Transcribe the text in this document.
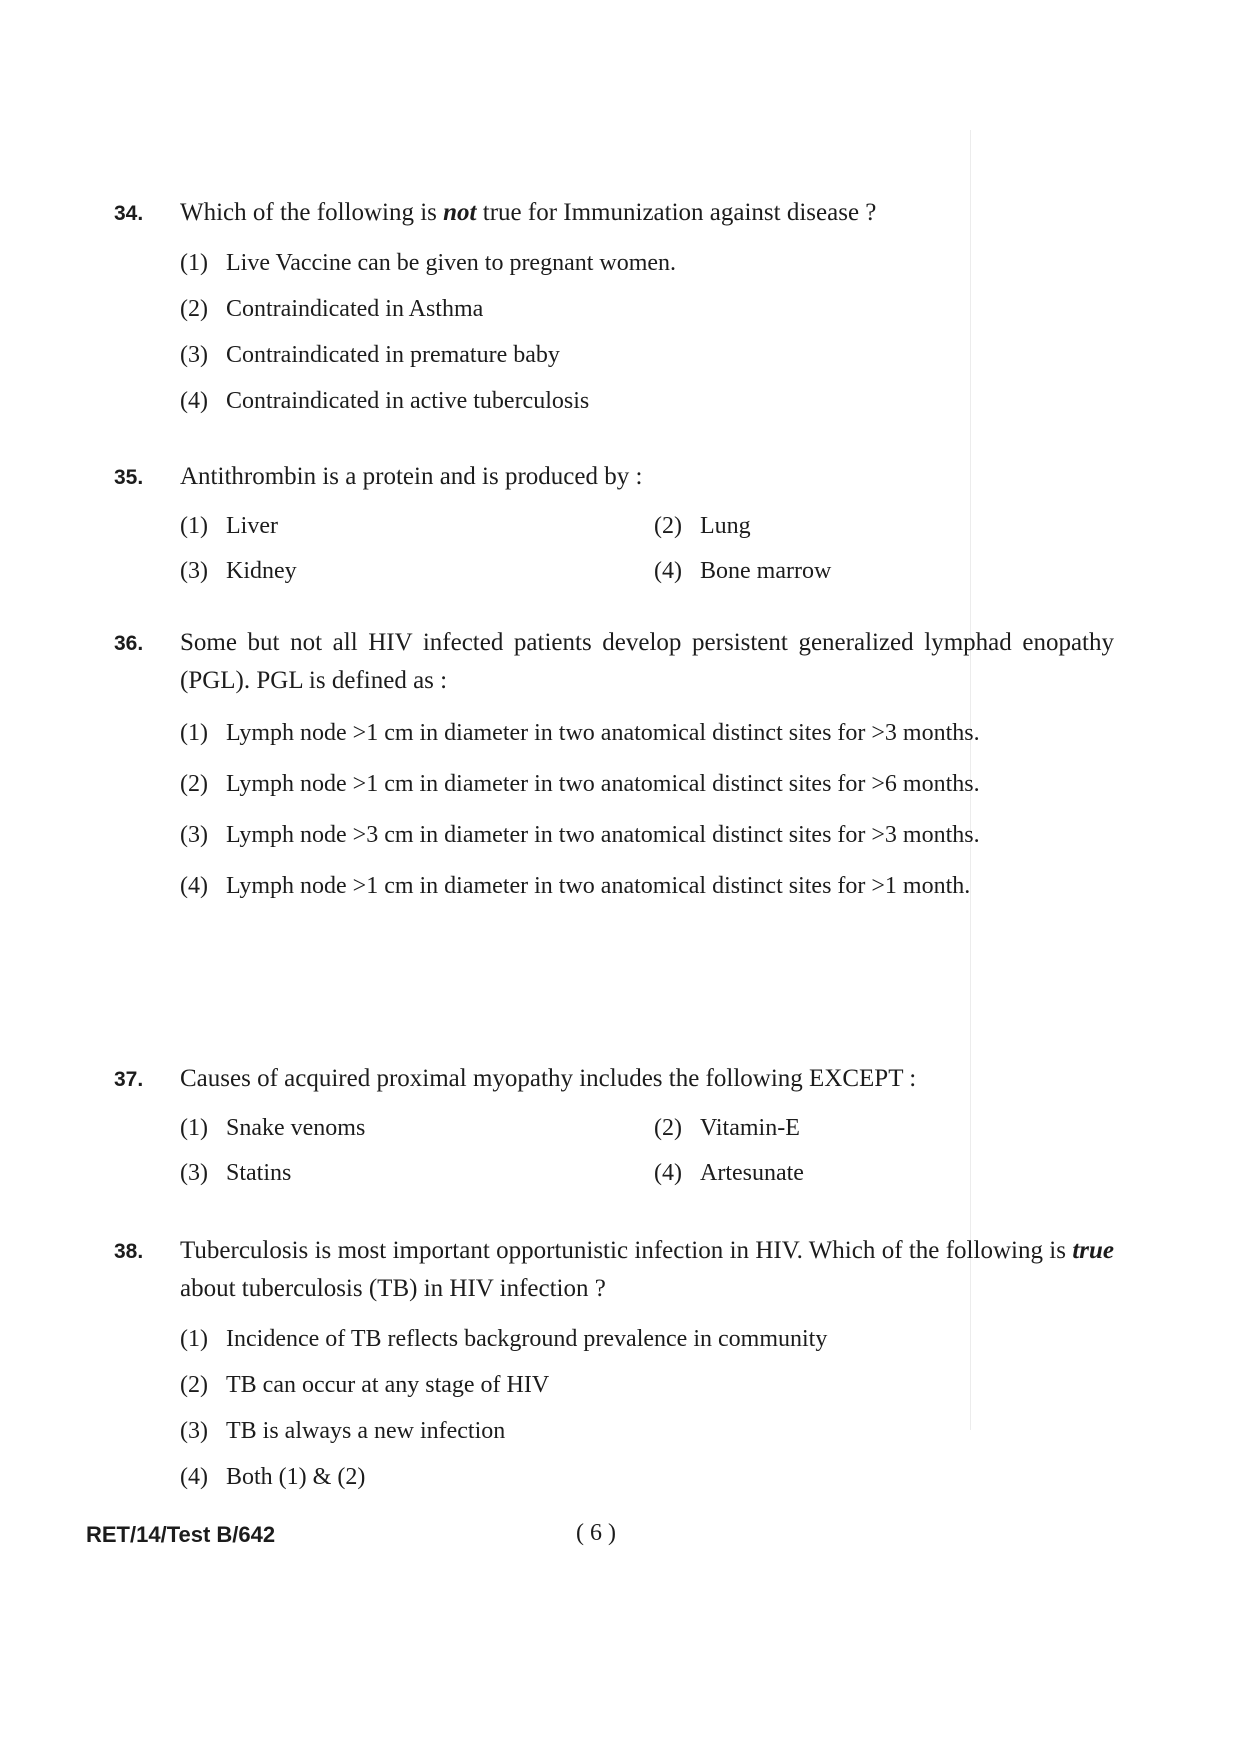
34.	Which of the following is not true for Immunization against disease ?
(1) Live Vaccine can be given to pregnant women.
(2) Contraindicated in Asthma
(3) Contraindicated in premature baby
(4) Contraindicated in active tuberculosis
35.	Antithrombin is a protein and is produced by :
(1) Liver	(2) Lung
(3) Kidney	(4) Bone marrow
36.	Some but not all HIV infected patients develop persistent generalized lymphad enopathy (PGL). PGL is defined as :
(1) Lymph node >1 cm in diameter in two anatomical distinct sites for >3 months.
(2) Lymph node >1 cm in diameter in two anatomical distinct sites for >6 months.
(3) Lymph node >3 cm in diameter in two anatomical distinct sites for >3 months.
(4) Lymph node >1 cm in diameter in two anatomical distinct sites for >1 month.
37.	Causes of acquired proximal myopathy includes the following EXCEPT :
(1) Snake venoms	(2) Vitamin-E
(3) Statins	(4) Artesunate
38.	Tuberculosis is most important opportunistic infection in HIV. Which of the following is true about tuberculosis (TB) in HIV infection ?
(1) Incidence of TB reflects background prevalence in community
(2) TB can occur at any stage of HIV
(3) TB is always a new infection
(4) Both (1) & (2)
RET/14/Test B/642	( 6 )
